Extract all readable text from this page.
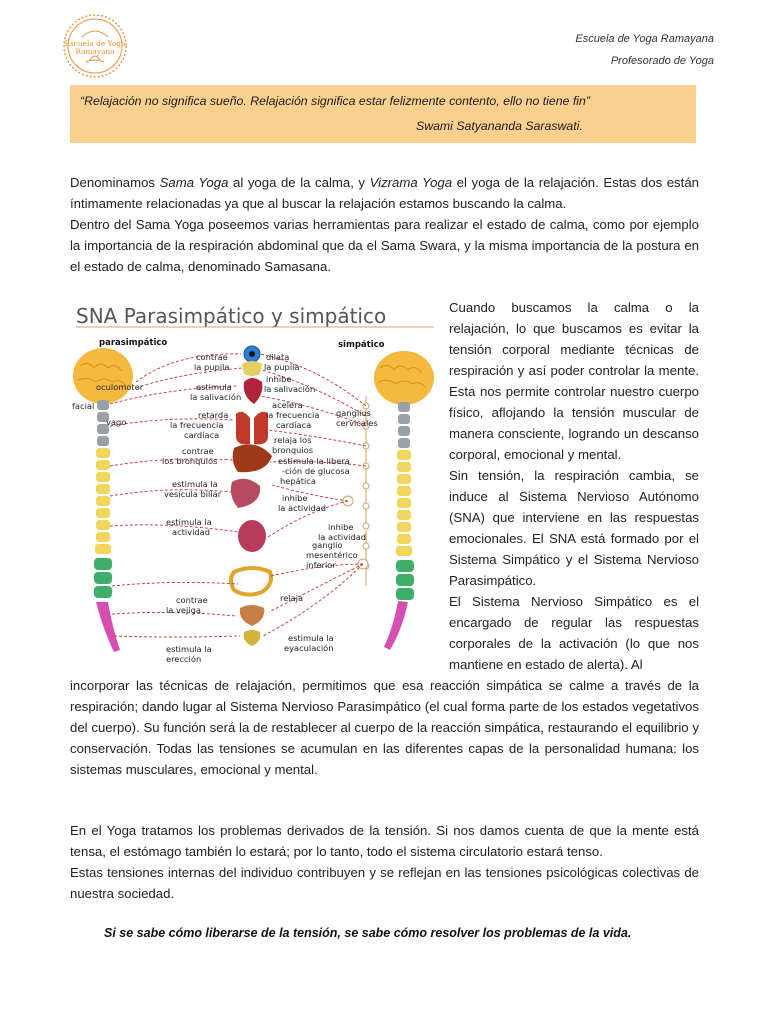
Escuela de Yoga
Ramayana
Escuela de Yoga Ramayana
Profesorado de Yoga
“Relajación no significa sueño. Relajación significa estar felizmente contento, ello no tiene fin”
Swami Satyananda Saraswati.
Denominamos Sama Yoga al yoga de la calma, y Vizrama Yoga el yoga de la relajación. Estas dos están íntimamente relacionadas ya que al buscar la relajación estamos buscando la calma.
Dentro del Sama Yoga poseemos varias herramientas para realizar el estado de calma, como por ejemplo la importancia de la respiración abdominal que da el Sama Swara, y la misma importancia de la postura en el estado de calma, denominado Samasana.
SNA Parasimpático y simpático
parasimpático	simpático
oculomotor
facial
vago
contrae la pupila
estimula la salivación
retarda la frecuencia cardíaca
contrae los bronquios
estimula la vesícula biliar
estimula la actividad
contrae la vejiga
estimula la erección
dilata la pupila
inhibe la salivación
acelera la frecuencia cardíaca
relaja los bronquios
estimula la libera -ción de glucosa hepática
inhibe la actividad
inhibe la actividad
relaja
estimula la eyaculación
ganglios cervicales
ganglio mesentérico inferior
Cuando buscamos la calma o la relajación, lo que buscamos es evitar la tensión corporal mediante técnicas de respiración y así poder controlar la mente. Esta nos permite controlar nuestro cuerpo físico, aflojando la tensión muscular de manera consciente, logrando un descanso corporal, emocional y mental.
Sin tensión, la respiración cambia, se induce al Sistema Nervioso Autónomo (SNA) que interviene en las respuestas emocionales. El SNA está formado por el Sistema Simpático y el Sistema Nervioso Parasimpático.
El Sistema Nervioso Simpático es el encargado de regular las respuestas corporales de la activación (lo que nos mantiene en estado de alerta). Al
incorporar las técnicas de relajación, permitimos que esa reacción simpática se calme a través de la respiración; dando lugar al Sistema Nervioso Parasimpático (el cual forma parte de los estados vegetativos del cuerpo). Su función será la de restablecer al cuerpo de la reacción simpática, restaurando el equilibrio y conservación. Todas las tensiones se acumulan en las diferentes capas de la personalidad humana: los sistemas musculares, emocional y mental.
En el Yoga tratamos los problemas derivados de la tensión. Si nos damos cuenta de que la mente está tensa, el estómago también lo estará; por lo tanto, todo el sistema circulatorio estará tenso.
Estas tensiones internas del individuo contribuyen y se reflejan en las tensiones psicológicas colectivas de nuestra sociedad.
Si se sabe cómo liberarse de la tensión, se sabe cómo resolver los problemas de la vida.
